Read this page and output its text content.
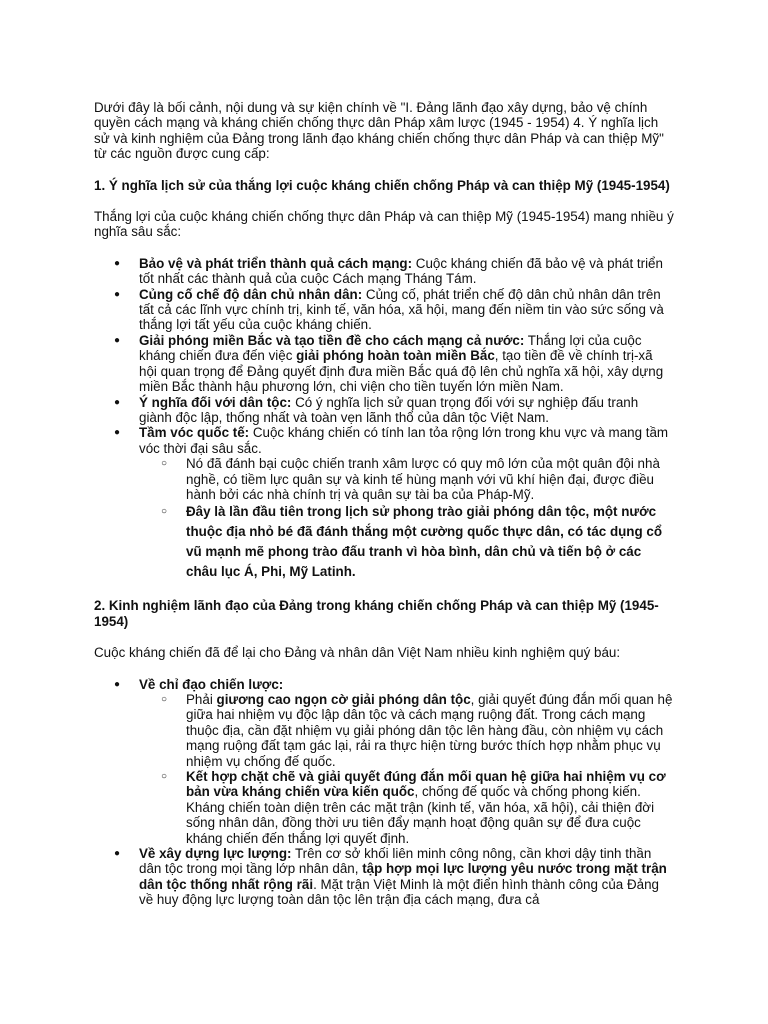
Dưới đây là bối cảnh, nội dung và sự kiện chính về "I. Đảng lãnh đạo xây dựng, bảo vệ chính quyền cách mạng và kháng chiến chống thực dân Pháp xâm lược (1945 - 1954) 4. Ý nghĩa lịch sử và kinh nghiệm của Đảng trong lãnh đạo kháng chiến chống thực dân Pháp và can thiệp Mỹ" từ các nguồn được cung cấp:

1. Ý nghĩa lịch sử của thắng lợi cuộc kháng chiến chống Pháp và can thiệp Mỹ (1945-1954)

Thắng lợi của cuộc kháng chiến chống thực dân Pháp và can thiệp Mỹ (1945-1954) mang nhiều ý nghĩa sâu sắc:

● Bảo vệ và phát triển thành quả cách mạng: Cuộc kháng chiến đã bảo vệ và phát triển tốt nhất các thành quả của cuộc Cách mạng Tháng Tám.
● Củng cố chế độ dân chủ nhân dân: Củng cố, phát triển chế độ dân chủ nhân dân trên tất cả các lĩnh vực chính trị, kinh tế, văn hóa, xã hội, mang đến niềm tin vào sức sống và thắng lợi tất yếu của cuộc kháng chiến.
● Giải phóng miền Bắc và tạo tiền đề cho cách mạng cả nước: Thắng lợi của cuộc kháng chiến đưa đến việc giải phóng hoàn toàn miền Bắc, tạo tiền đề về chính trị-xã hội quan trọng để Đảng quyết định đưa miền Bắc quá độ lên chủ nghĩa xã hội, xây dựng miền Bắc thành hậu phương lớn, chi viện cho tiền tuyến lớn miền Nam.
● Ý nghĩa đối với dân tộc: Có ý nghĩa lịch sử quan trọng đối với sự nghiệp đấu tranh giành độc lập, thống nhất và toàn vẹn lãnh thổ của dân tộc Việt Nam.
● Tầm vóc quốc tế: Cuộc kháng chiến có tính lan tỏa rộng lớn trong khu vực và mang tầm vóc thời đại sâu sắc.
○ Nó đã đánh bại cuộc chiến tranh xâm lược có quy mô lớn của một quân đội nhà nghề, có tiềm lực quân sự và kinh tế hùng mạnh với vũ khí hiện đại, được điều hành bởi các nhà chính trị và quân sự tài ba của Pháp-Mỹ.
○ Đây là lần đầu tiên trong lịch sử phong trào giải phóng dân tộc, một nước thuộc địa nhỏ bé đã đánh thắng một cường quốc thực dân, có tác dụng cổ vũ mạnh mẽ phong trào đấu tranh vì hòa bình, dân chủ và tiến bộ ở các châu lục Á, Phi, Mỹ Latinh.
2. Kinh nghiệm lãnh đạo của Đảng trong kháng chiến chống Pháp và can thiệp Mỹ (1945-1954)

Cuộc kháng chiến đã để lại cho Đảng và nhân dân Việt Nam nhiều kinh nghiệm quý báu:

● Về chỉ đạo chiến lược:
○ Phải giương cao ngọn cờ giải phóng dân tộc, giải quyết đúng đắn mối quan hệ giữa hai nhiệm vụ độc lập dân tộc và cách mạng ruộng đất. Trong cách mạng thuộc địa, cần đặt nhiệm vụ giải phóng dân tộc lên hàng đầu, còn nhiệm vụ cách mạng ruộng đất tạm gác lại, rải ra thực hiện từng bước thích hợp nhằm phục vụ nhiệm vụ chống đế quốc.
○ Kết hợp chặt chẽ và giải quyết đúng đắn mối quan hệ giữa hai nhiệm vụ cơ bản vừa kháng chiến vừa kiến quốc, chống đế quốc và chống phong kiến. Kháng chiến toàn diện trên các mặt trận (kinh tế, văn hóa, xã hội), cải thiện đời sống nhân dân, đồng thời ưu tiên đẩy mạnh hoạt động quân sự để đưa cuộc kháng chiến đến thắng lợi quyết định.
● Về xây dựng lực lượng: Trên cơ sở khối liên minh công nông, cần khơi dậy tinh thần dân tộc trong mọi tầng lớp nhân dân, tập hợp mọi lực lượng yêu nước trong mặt trận dân tộc thống nhất rộng rãi. Mặt trận Việt Minh là một điển hình thành công của Đảng về huy động lực lượng toàn dân tộc lên trận địa cách mạng, đưa cả
